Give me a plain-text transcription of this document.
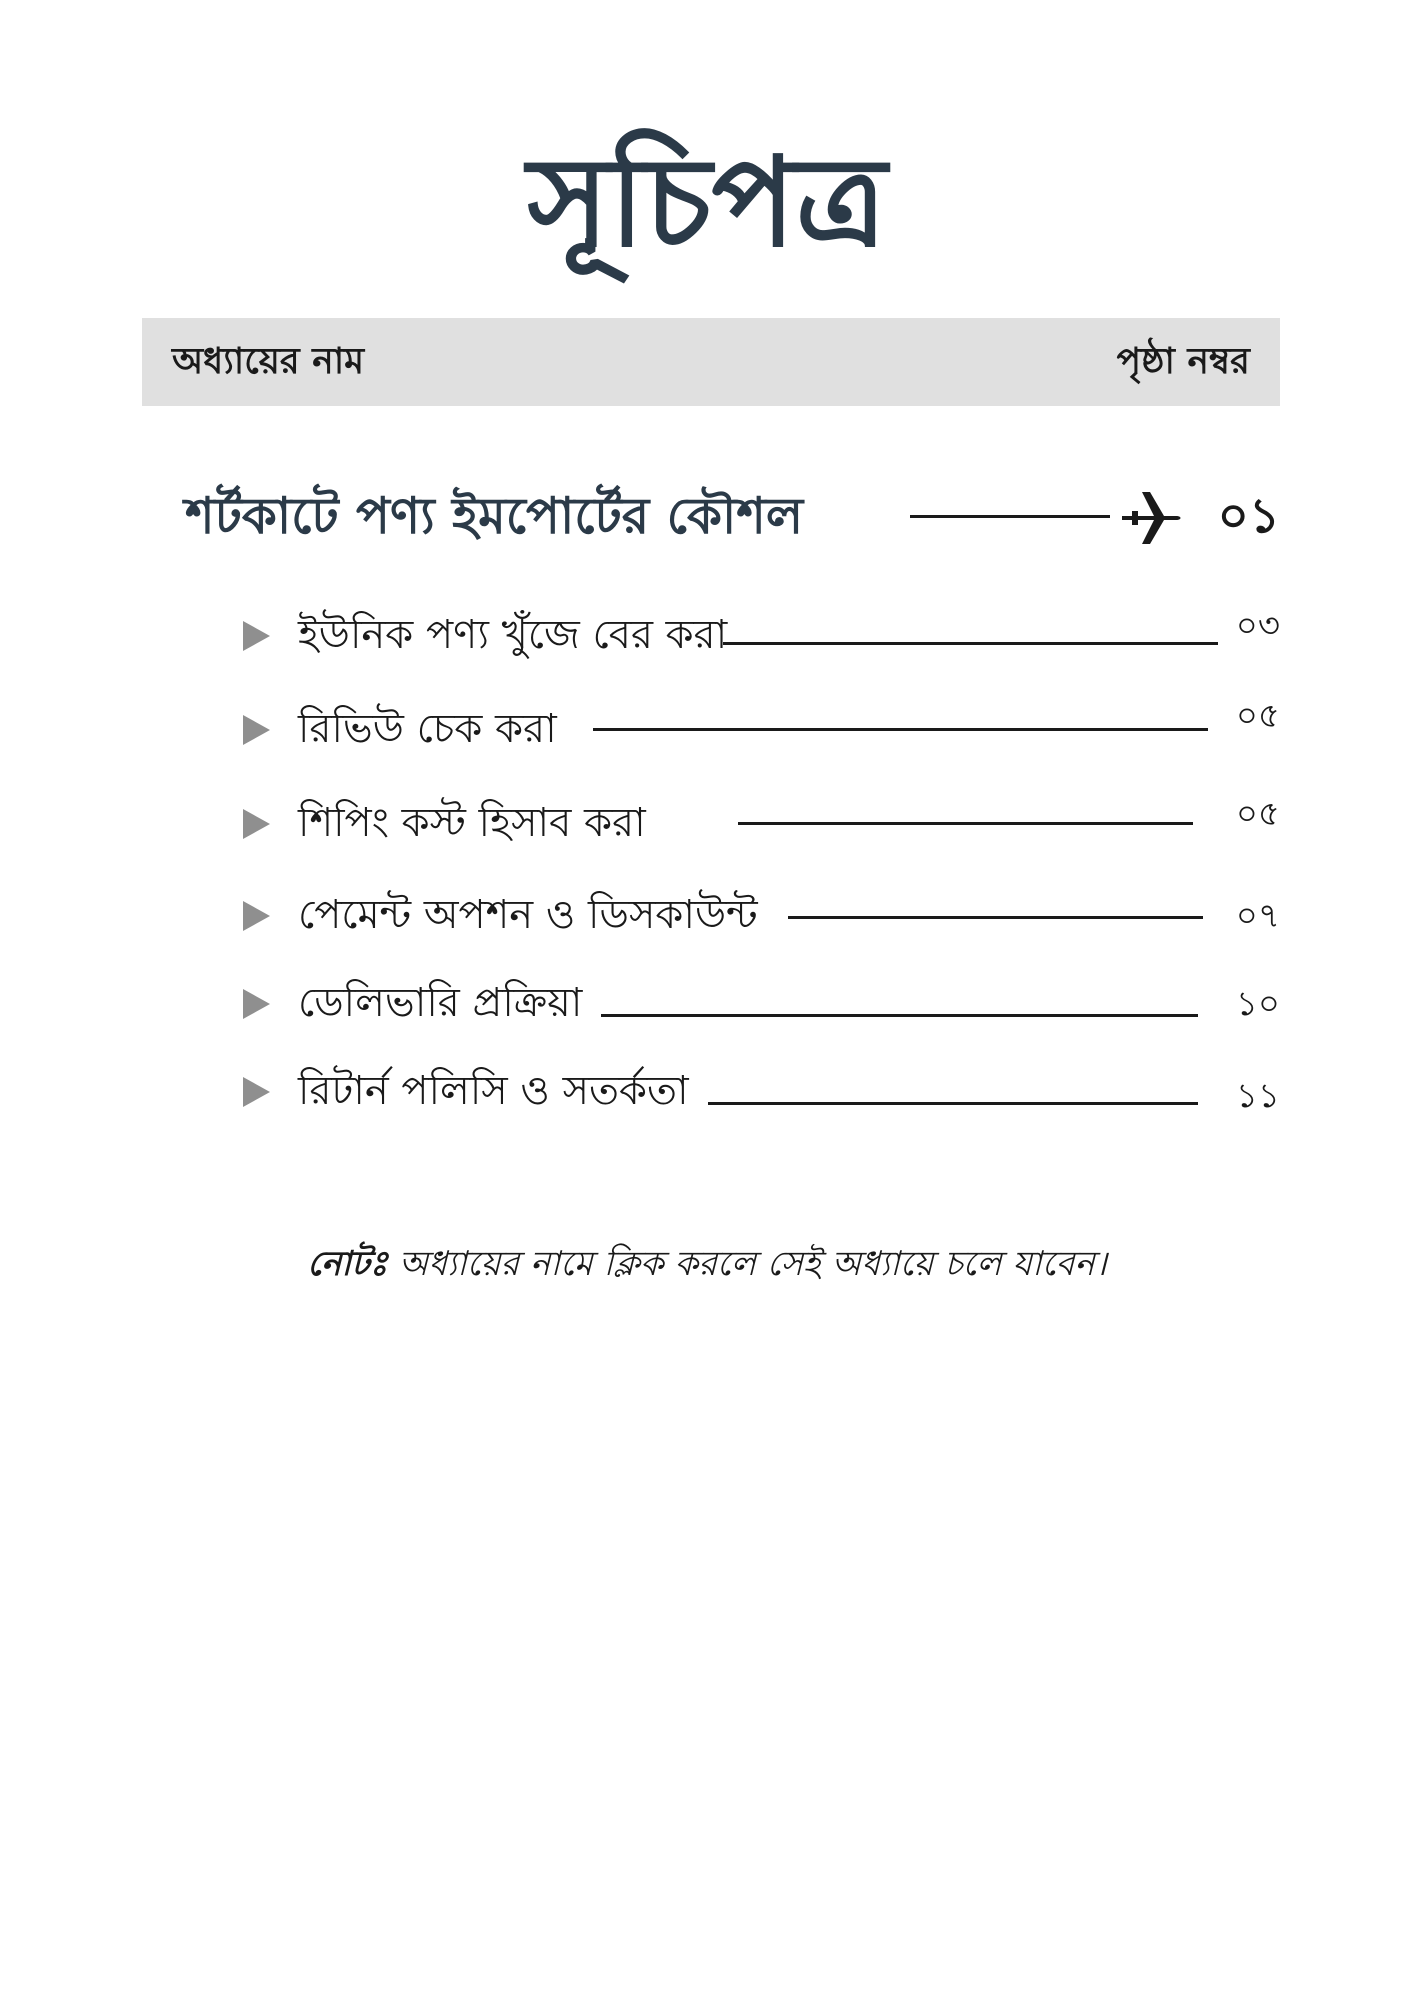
সূচিপত্র
অধ্যায়ের নাম	পৃষ্ঠা নম্বর
শর্টকাটে পণ্য ইমপোর্টের কৌশল	০১
ইউনিক পণ্য খুঁজে বের করা	০৩
রিভিউ চেক করা	০৫
শিপিং কস্ট হিসাব করা	০৫
পেমেন্ট অপশন ও ডিসকাউন্ট	০৭
ডেলিভারি প্রক্রিয়া	১০
রিটার্ন পলিসি ও সতর্কতা	১১
নোটঃ অধ্যায়ের নামে ক্লিক করলে সেই অধ্যায়ে চলে যাবেন।
